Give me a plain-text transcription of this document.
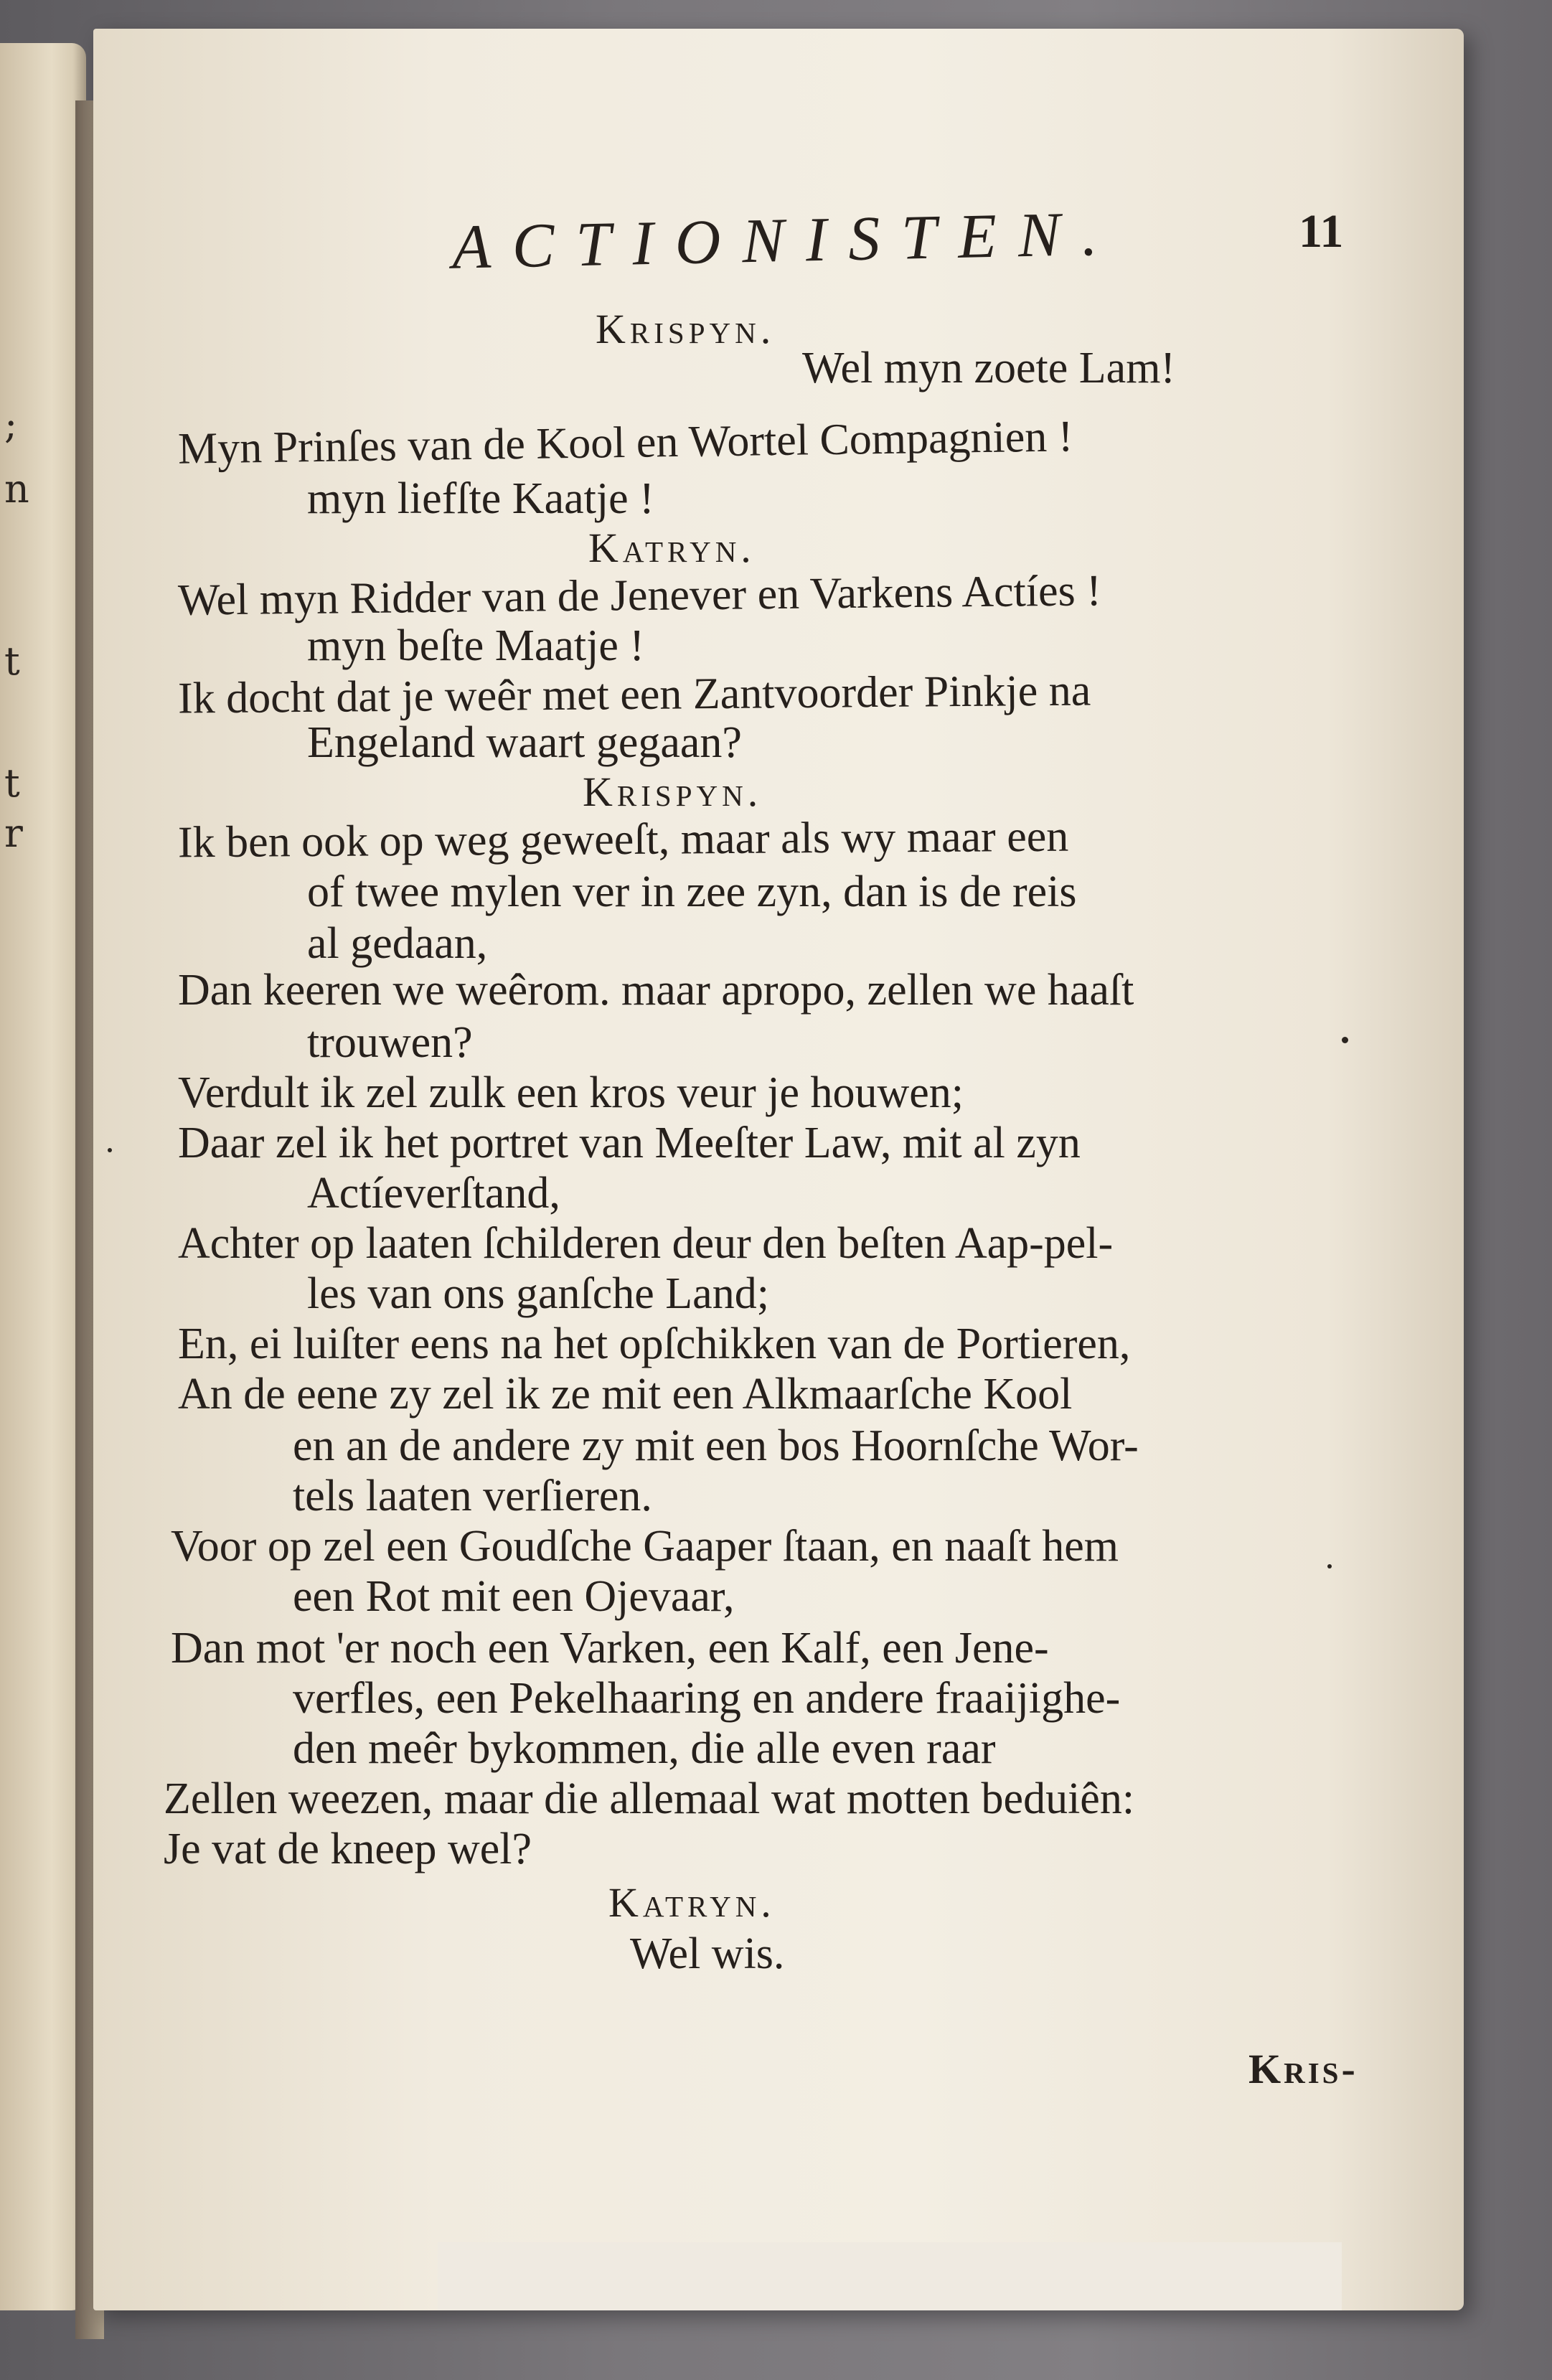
;
n
t
t
r
ACTIONISTEN.	11
Krispyn.
Wel myn zoete Lam!
Myn Prinſes van de Kool en Wortel Compagnien !
myn liefſte Kaatje !
Katryn.
Wel myn Ridder van de Jenever en Varkens Actíes !
myn beſte Maatje !
Ik docht dat je weêr met een Zantvoorder Pinkje na
Engeland waart gegaan?
Krispyn.
Ik ben ook op weg geweeſt, maar als wy maar een
of twee mylen ver in zee zyn, dan is de reis
al gedaan,
Dan keeren we weêrom. maar apropo, zellen we haaſt
trouwen?
Verdult ik zel zulk een kros veur je houwen;
Daar zel ik het portret van Meeſter Law, mit al zyn
Actíeverſtand,
Achter op laaten ſchilderen deur den beſten Aap-pel-
les van ons ganſche Land;
En, ei luiſter eens na het opſchikken van de Portieren,
An de eene zy zel ik ze mit een Alkmaarſche Kool
en an de andere zy mit een bos Hoornſche Wor-
tels laaten verſieren.
Voor op zel een Goudſche Gaaper ſtaan, en naaſt hem
een Rot mit een Ojevaar,
Dan mot 'er noch een Varken, een Kalf, een Jene-
verfles, een Pekelhaaring en andere fraaijighe-
den meêr bykommen, die alle even raar
Zellen weezen, maar die allemaal wat motten beduiên:
Je vat de kneep wel?
Katryn.
Wel wis.
Kris-
